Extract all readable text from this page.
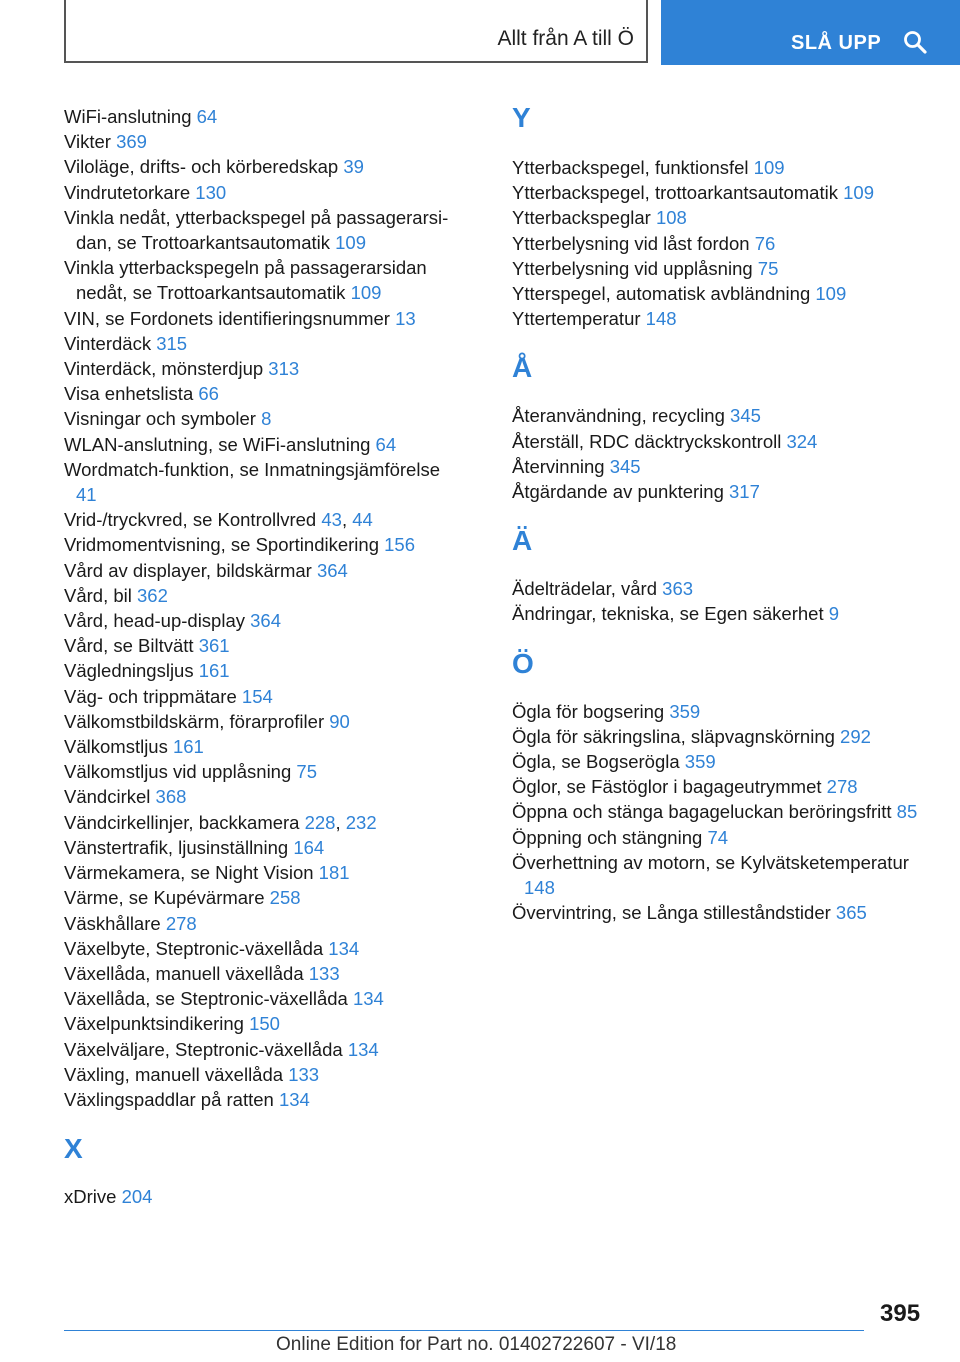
Allt från A till Ö	SLÅ UPP
WiFi-anslutning 64
Vikter 369
Viloläge, drifts- och körberedskap 39
Vindrutetorkare 130
Vinkla nedåt, ytterbackspegel på passagerarsidan, se Trottoarkantsautomatik 109
Vinkla ytterbackspegeln på passagerarsidan nedåt, se Trottoarkantsautomatik 109
VIN, se Fordonets identifieringsnummer 13
Vinterdäck 315
Vinterdäck, mönsterdjup 313
Visa enhetslista 66
Visningar och symboler 8
WLAN-anslutning, se WiFi-anslutning 64
Wordmatch-funktion, se Inmatningsjämförelse 41
Vrid-/tryckvred, se Kontrollvred 43, 44
Vridmomentvisning, se Sportindikering 156
Vård av displayer, bildskärmar 364
Vård, bil 362
Vård, head-up-display 364
Vård, se Biltvätt 361
Vägledningsljus 161
Väg- och trippmätare 154
Välkomstbildskärm, förarprofiler 90
Välkomstljus 161
Välkomstljus vid upplåsning 75
Vändcirkel 368
Vändcirkellinjer, backkamera 228, 232
Vänstertrafik, ljusinställning 164
Värmekamera, se Night Vision 181
Värme, se Kupévärmare 258
Väskhållare 278
Växelbyte, Steptronic-växellåda 134
Växellåda, manuell växellåda 133
Växellåda, se Steptronic-växellåda 134
Växelpunktsindikering 150
Växelväljare, Steptronic-växellåda 134
Växling, manuell växellåda 133
Växlingspaddlar på ratten 134
X
xDrive 204
Y
Ytterbackspegel, funktionsfel 109
Ytterbackspegel, trottoarkantsautomatik 109
Ytterbackspeglar 108
Ytterbelysning vid låst fordon 76
Ytterbelysning vid upplåsning 75
Ytterspegel, automatisk avbländning 109
Yttertemperatur 148
Å
Återanvändning, recycling 345
Återställ, RDC däcktryckskontroll 324
Återvinning 345
Åtgärdande av punktering 317
Ä
Ädelträdelar, vård 363
Ändringar, tekniska, se Egen säkerhet 9
Ö
Ögla för bogsering 359
Ögla för säkringslina, släpvagnskörning 292
Ögla, se Bogserögla 359
Öglor, se Fästöglor i bagageutrymmet 278
Öppna och stänga bagageluckan beröringsfritt 85
Öppning och stängning 74
Överhettning av motorn, se Kylvätsketemperatur 148
Övervintring, se Långa stilleståndstider 365
395
Online Edition for Part no. 01402722607 - VI/18
